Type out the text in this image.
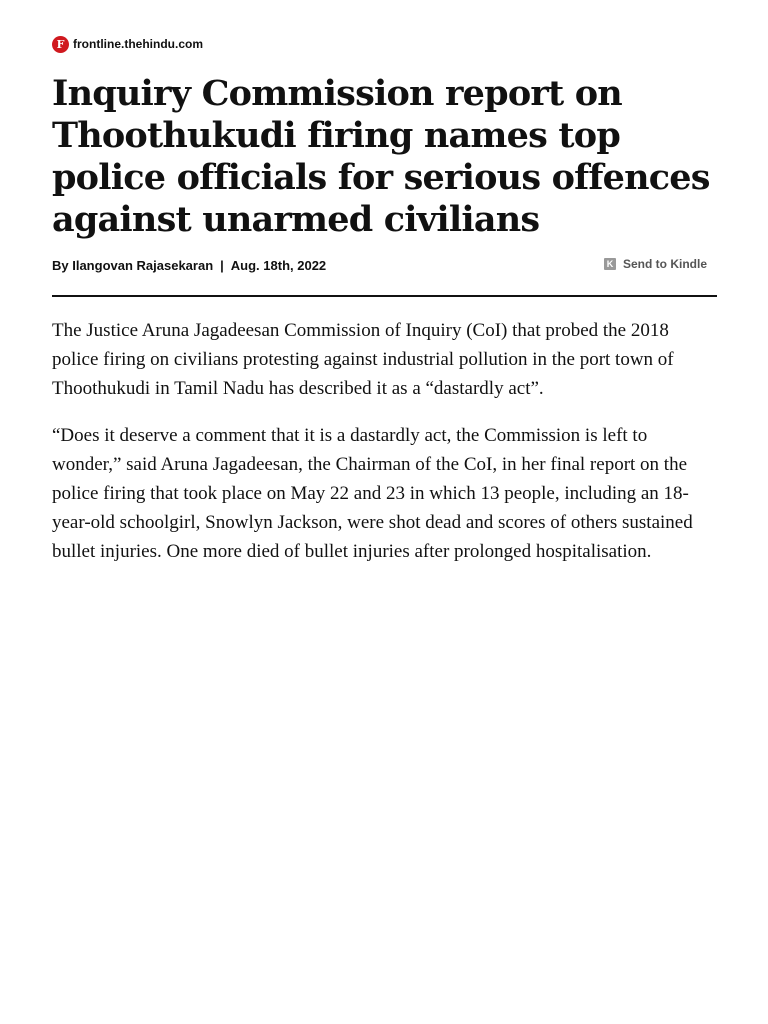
F frontline.thehindu.com
Inquiry Commission report on Thoothukudi firing names top police officials for serious offences against unarmed civilians
By Ilangovan Rajasekaran | Aug. 18th, 2022	K Send to Kindle

The Justice Aruna Jagadeesan Commission of Inquiry (CoI) that probed the 2018 police firing on civilians protesting against industrial pollution in the port town of Thoothukudi in Tamil Nadu has described it as a “dastardly act”.

“Does it deserve a comment that it is a dastardly act, the Commission is left to wonder,” said Aruna Jagadeesan, the Chairman of the CoI, in her final report on the police firing that took place on May 22 and 23 in which 13 people, including an 18-year-old schoolgirl, Snowlyn Jackson, were shot dead and scores of others sustained bullet injuries. One more died of bullet injuries after prolonged hospitalisation.
